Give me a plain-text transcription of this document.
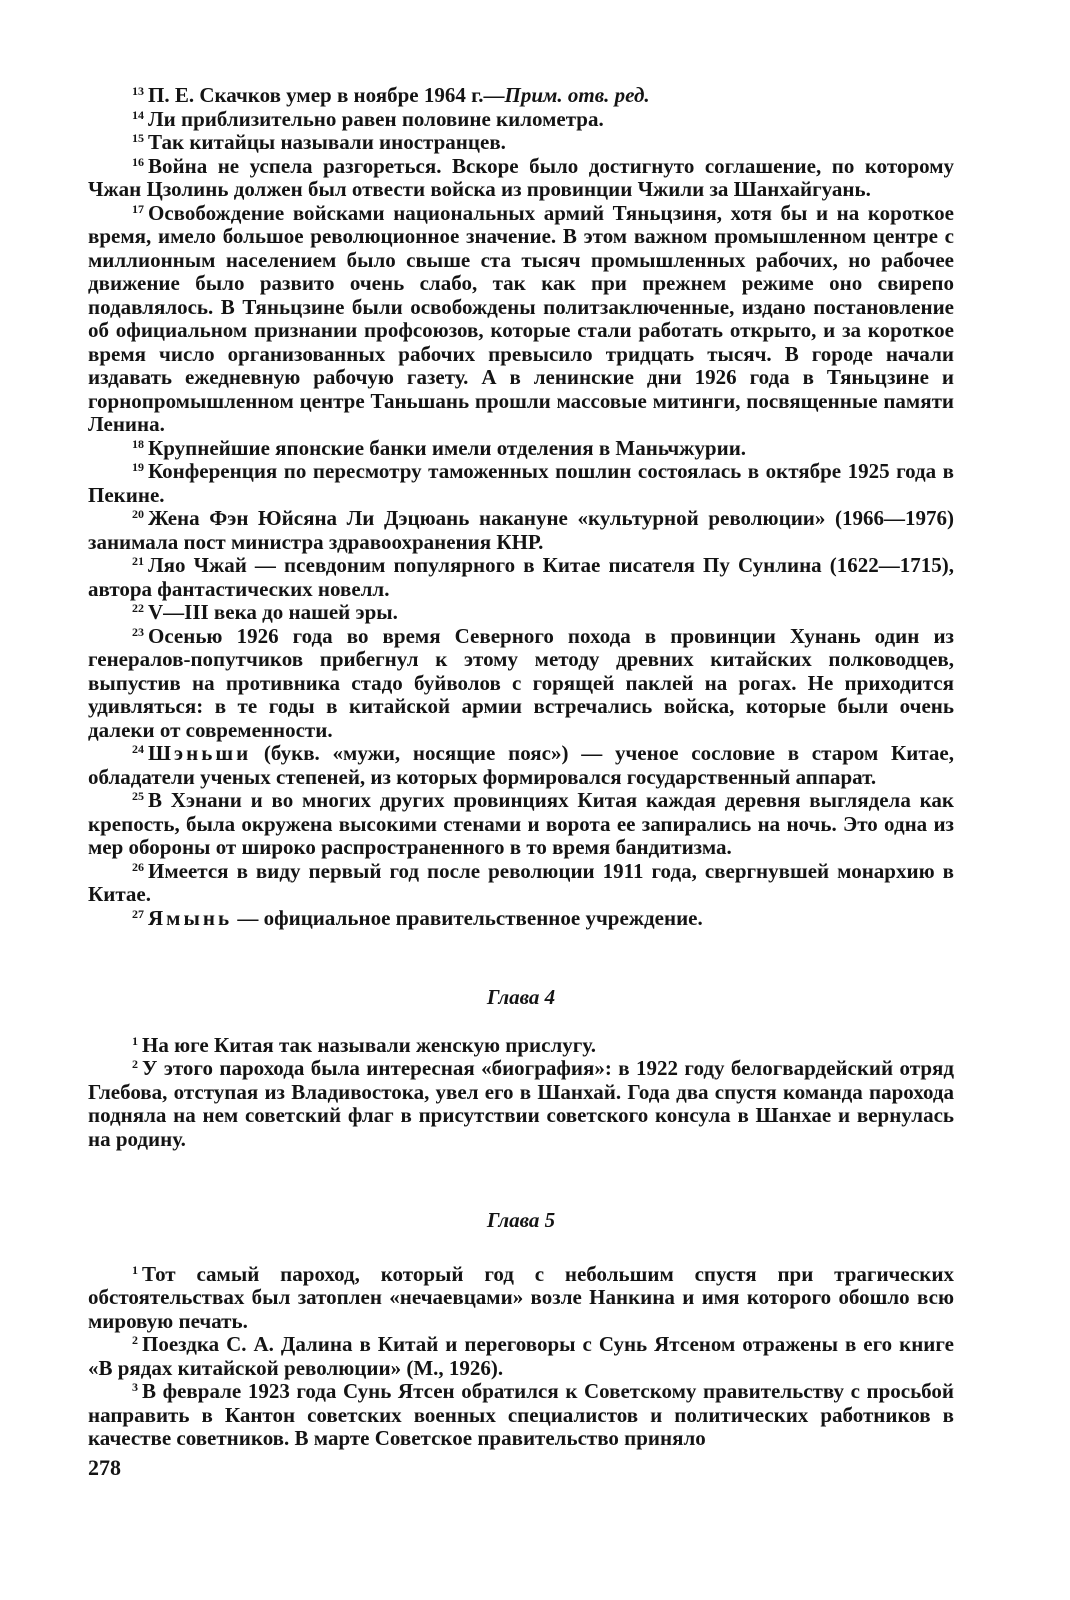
$^{13}$ П. Е. Скачков умер в ноябре 1964 г.—Прим. отв. ред.

$^{14}$ Ли приблизительно равен половине километра.

$^{15}$ Так китайцы называли иностранцев.

$^{16}$ Война не успела разгореться. Вскоре было достигнуто соглашение, по которому Чжан Цзолинь должен был отвести войска из провинции Чжили за Шанхайгуань.

$^{17}$ Освобождение войсками национальных армий Тяньцзиня, хотя бы и на короткое время, имело большое революционное значение. В этом важном промышленном центре с миллионным населением было свыше ста тысяч промышленных рабочих, но рабочее движение было развито очень слабо, так как при прежнем режиме оно свирепо подавлялось. В Тяньцзине были освобождены политзаключенные, издано постановление об официальном признании профсоюзов, которые стали работать открыто, и за короткое время число организованных рабочих превысило тридцать тысяч. В городе начали издавать ежедневную рабочую газету. А в ленинские дни 1926 года в Тяньцзине и горнопромышленном центре Таньшань прошли массовые митинги, посвященные памяти Ленина.

$^{18}$ Крупнейшие японские банки имели отделения в Маньчжурии.

$^{19}$ Конференция по пересмотру таможенных пошлин состоялась в октябре 1925 года в Пекине.

$^{20}$ Жена Фэн Юйсяна Ли Дэцюань накануне «культурной революции» (1966—1976) занимала пост министра здравоохранения КНР.

$^{21}$ Ляо Чжай — псевдоним популярного в Китае писателя Пу Сунлина (1622—1715), автора фантастических новелл.

$^{22}$ V—III века до нашей эры.

$^{23}$ Осенью 1926 года во время Северного похода в провинции Хунань один из генералов-попутчиков прибегнул к этому методу древних китайских полководцев, выпустив на противника стадо буйволов с горящей паклей на рогах. Не приходится удивляться: в те годы в китайской армии встречались войска, которые были очень далеки от современности.

$^{24}$ Шэньши (букв. «мужи, носящие пояс») — ученое сословие в старом Китае, обладатели ученых степеней, из которых формировался государственный аппарат.

$^{25}$ В Хэнани и во многих других провинциях Китая каждая деревня выглядела как крепость, была окружена высокими стенами и ворота ее запирались на ночь. Это одна из мер обороны от широко распространенного в то время бандитизма.

$^{26}$ Имеется в виду первый год после революции 1911 года, свергнувшей монархию в Китае.

$^{27}$ Ямынь — официальное правительственное учреждение.

Глава 4

$^1$ На юге Китая так называли женскую прислугу.

$^2$ У этого парохода была интересная «биография»: в 1922 году белогвардейский отряд Глебова, отступая из Владивостока, увел его в Шанхай. Года два спустя команда парохода подняла на нем советский флаг в присутствии советского консула в Шанхае и вернулась на родину.

Глава 5

$^1$ Тот самый пароход, который год с небольшим спустя при трагических обстоятельствах был затоплен «нечаевцами» возле Нанкина и имя которого обошло всю мировую печать.

$^2$ Поездка С. А. Далина в Китай и переговоры с Сунь Ятсеном отражены в его книге «В рядах китайской революции» (М., 1926).

$^3$ В феврале 1923 года Сунь Ятсен обратился к Советскому правительству с просьбой направить в Кантон советских военных специалистов и политических работников в качестве советников. В марте Советское правительство приняло

278
